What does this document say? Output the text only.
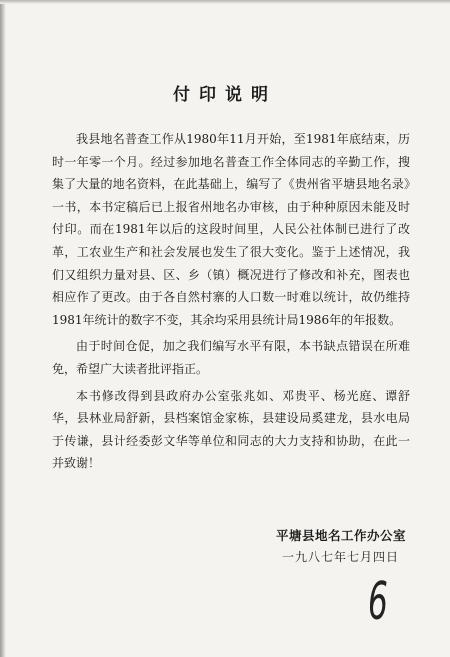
付印说明

我县地名普查工作从1980年11月开始，至1981年底结束，历时一年零一个月。经过参加地名普查工作全体同志的辛勤工作，搜集了大量的地名资料，在此基础上，编写了《贵州省平塘县地名录》一书，本书定稿后已上报省州地名办审核，由于种种原因未能及时付印。而在1981年以后的这段时间里，人民公社体制已进行了改革，工农业生产和社会发展也发生了很大变化。鉴于上述情况，我们又组织力量对县、区、乡（镇）概况进行了修改和补充，图表也相应作了更改。由于各自然村寨的人口数一时难以统计，故仍维持1981年统计的数字不变，其余均采用县统计局1986年的年报数。

由于时间仓促，加之我们编写水平有限，本书缺点错误在所难免，希望广大读者批评指正。

本书修改得到县政府办公室张兆如、邓贵平、杨光庭、谭舒华，县林业局舒新，县档案馆金家栋，县建设局奚建龙，县水电局于传谦，县计经委彭文华等单位和同志的大力支持和协助，在此一并致谢！

平塘县地名工作办公室
一九八七年七月四日
6
